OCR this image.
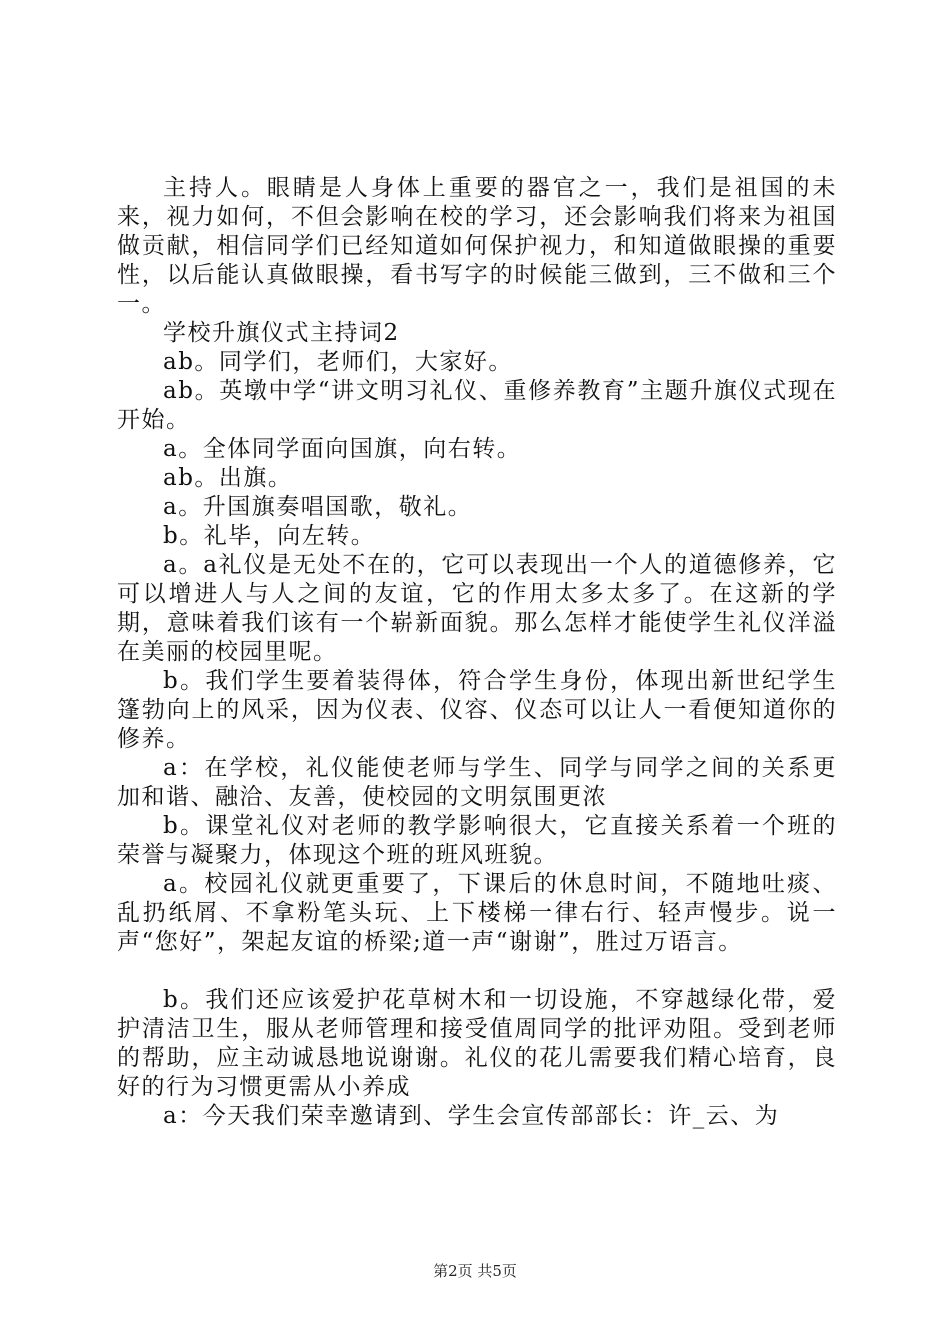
主持人。眼睛是人身体上重要的器官之一，我们是祖国的未来，视力如何，不但会影响在校的学习，还会影响我们将来为祖国做贡献，相信同学们已经知道如何保护视力，和知道做眼操的重要性，以后能认真做眼操，看书写字的时候能三做到，三不做和三个一。

学校升旗仪式主持词2

ab。同学们，老师们，大家好。

ab。英墩中学“讲文明习礼仪、重修养教育”主题升旗仪式现在开始。

a。全体同学面向国旗，向右转。

ab。出旗。

a。升国旗奏唱国歌，敬礼。

b。礼毕，向左转。

a。a礼仪是无处不在的，它可以表现出一个人的道德修养，它可以增进人与人之间的友谊，它的作用太多太多了。在这新的学期，意味着我们该有一个崭新面貌。那么怎样才能使学生礼仪洋溢在美丽的校园里呢。

b。我们学生要着装得体，符合学生身份，体现出新世纪学生篷勃向上的风采，因为仪表、仪容、仪态可以让人一看便知道你的修养。

a：在学校，礼仪能使老师与学生、同学与同学之间的关系更加和谐、融洽、友善，使校园的文明氛围更浓

b。课堂礼仪对老师的教学影响很大，它直接关系着一个班的荣誉与凝聚力，体现这个班的班风班貌。

a。校园礼仪就更重要了，下课后的休息时间，不随地吐痰、乱扔纸屑、不拿粉笔头玩、上下楼梯一律右行、轻声慢步。说一声“您好”，架起友谊的桥梁;道一声“谢谢”，胜过万语言。

b。我们还应该爱护花草树木和一切设施，不穿越绿化带，爱护清洁卫生，服从老师管理和接受值周同学的批评劝阻。受到老师的帮助，应主动诚恳地说谢谢。礼仪的花儿需要我们精心培育，良好的行为习惯更需从小养成

a：今天我们荣幸邀请到、学生会宣传部部长：许_云、为

第2页 共5页
